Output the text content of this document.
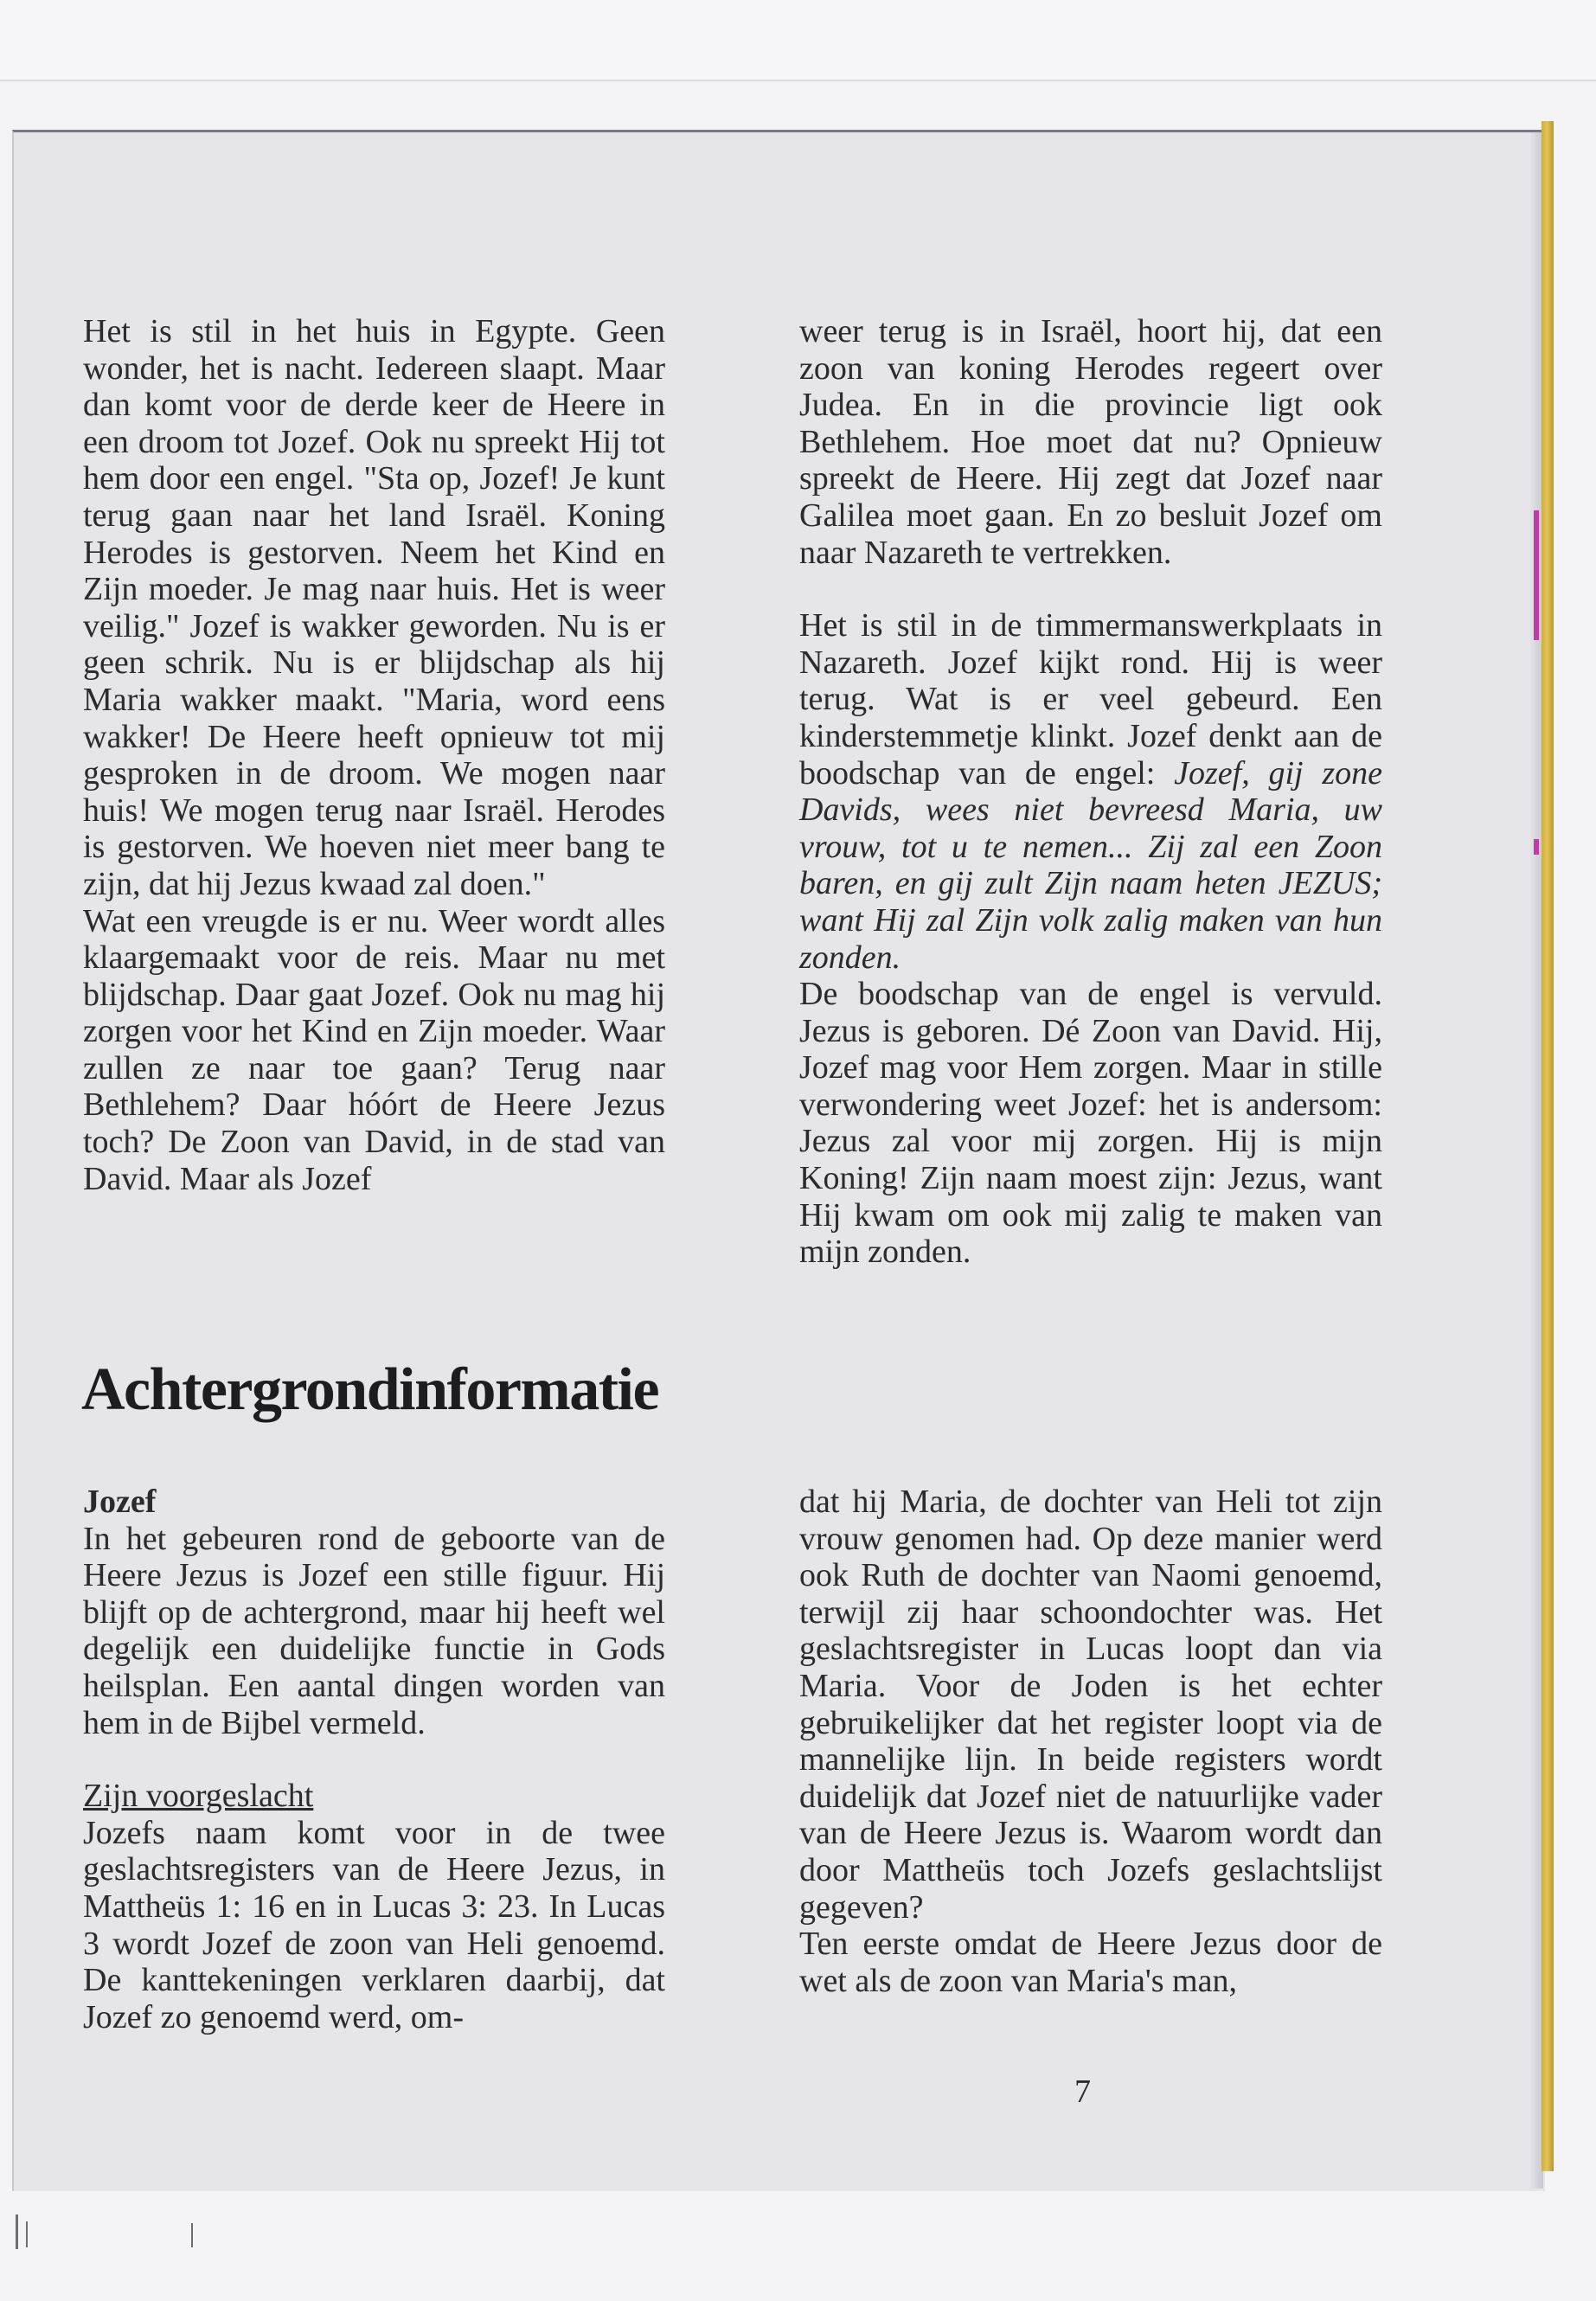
Het is stil in het huis in Egypte. Geen wonder, het is nacht. Iedereen slaapt. Maar dan komt voor de derde keer de Heere in een droom tot Jozef. Ook nu spreekt Hij tot hem door een engel. "Sta op, Jozef! Je kunt terug gaan naar het land Israël. Koning Herodes is gestorven. Neem het Kind en Zijn moeder. Je mag naar huis. Het is weer veilig." Jozef is wakker geworden. Nu is er geen schrik. Nu is er blijdschap als hij Maria wakker maakt. "Maria, word eens wakker! De Heere heeft opnieuw tot mij gesproken in de droom. We mogen naar huis! We mogen terug naar Israël. Herodes is gestorven. We hoeven niet meer bang te zijn, dat hij Jezus kwaad zal doen."

Wat een vreugde is er nu. Weer wordt alles klaargemaakt voor de reis. Maar nu met blijdschap. Daar gaat Jozef. Ook nu mag hij zorgen voor het Kind en Zijn moeder. Waar zullen ze naar toe gaan? Terug naar Bethlehem? Daar hóórt de Heere Jezus toch? De Zoon van David, in de stad van David. Maar als Jozef

weer terug is in Israël, hoort hij, dat een zoon van koning Herodes regeert over Judea. En in die provincie ligt ook Bethlehem. Hoe moet dat nu? Opnieuw spreekt de Heere. Hij zegt dat Jozef naar Galilea moet gaan. En zo besluit Jozef om naar Nazareth te vertrekken.

Het is stil in de timmermanswerkplaats in Nazareth. Jozef kijkt rond. Hij is weer terug. Wat is er veel gebeurd. Een kinderstemmetje klinkt. Jozef denkt aan de boodschap van de engel: Jozef, gij zone Davids, wees niet bevreesd Maria, uw vrouw, tot u te nemen... Zij zal een Zoon baren, en gij zult Zijn naam heten JEZUS; want Hij zal Zijn volk zalig maken van hun zonden.

De boodschap van de engel is vervuld. Jezus is geboren. Dé Zoon van David. Hij, Jozef mag voor Hem zorgen. Maar in stille verwondering weet Jozef: het is andersom: Jezus zal voor mij zorgen. Hij is mijn Koning! Zijn naam moest zijn: Jezus, want Hij kwam om ook mij zalig te maken van mijn zonden.

Achtergrondinformatie
Jozef

In het gebeuren rond de geboorte van de Heere Jezus is Jozef een stille figuur. Hij blijft op de achtergrond, maar hij heeft wel degelijk een duidelijke functie in Gods heilsplan. Een aantal dingen worden van hem in de Bijbel vermeld.

Zijn voorgeslacht

Jozefs naam komt voor in de twee geslachtsregisters van de Heere Jezus, in Mattheüs 1: 16 en in Lucas 3: 23. In Lucas 3 wordt Jozef de zoon van Heli genoemd. De kanttekeningen verklaren daarbij, dat Jozef zo genoemd werd, om-

dat hij Maria, de dochter van Heli tot zijn vrouw genomen had. Op deze manier werd ook Ruth de dochter van Naomi genoemd, terwijl zij haar schoondochter was. Het geslachtsregister in Lucas loopt dan via Maria. Voor de Joden is het echter gebruikelijker dat het register loopt via de mannelijke lijn. In beide registers wordt duidelijk dat Jozef niet de natuurlijke vader van de Heere Jezus is. Waarom wordt dan door Mattheüs toch Jozefs geslachtslijst gegeven?

Ten eerste omdat de Heere Jezus door de wet als de zoon van Maria's man,

7
